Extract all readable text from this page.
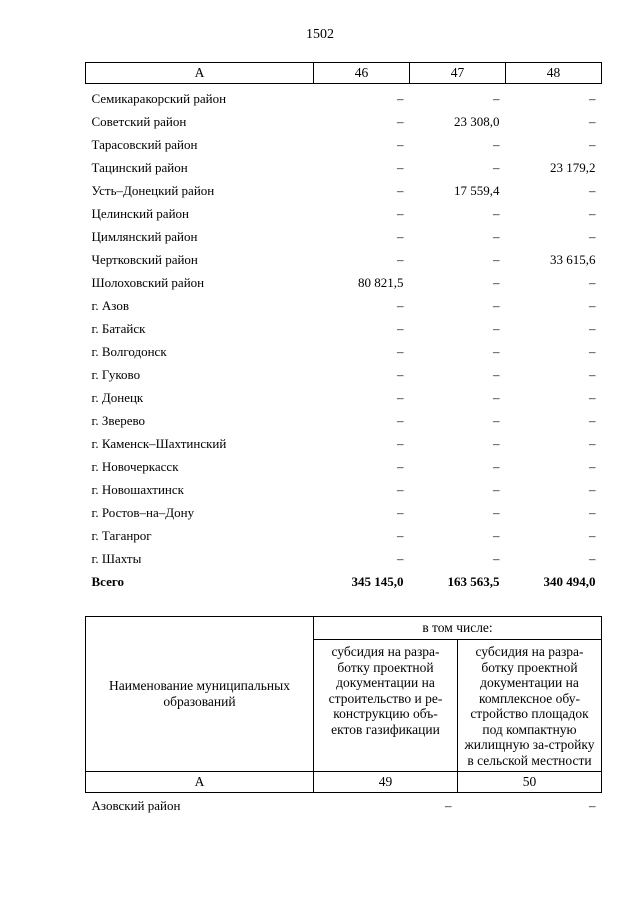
1502
А	46	47	48
Семикаракорский район	–	–	–
Советский район	–	23 308,0	–
Тарасовский район	–	–	–
Тацинский район	–	–	23 179,2
Усть–Донецкий район	–	17 559,4	–
Целинский район	–	–	–
Цимлянский район	–	–	–
Чертковский район	–	–	33 615,6
Шолоховский район	80 821,5	–	–
г. Азов	–	–	–
г. Батайск	–	–	–
г. Волгодонск	–	–	–
г. Гуково	–	–	–
г. Донецк	–	–	–
г. Зверево	–	–	–
г. Каменск–Шахтинский	–	–	–
г. Новочеркасск	–	–	–
г. Новошахтинск	–	–	–
г. Ростов–на–Дону	–	–	–
г. Таганрог	–	–	–
г. Шахты	–	–	–
Всего	345 145,0	163 563,5	340 494,0
Наименование муниципальных образований	в том числе:	
	субсидия на разра-ботку проектной документации на строительство и ре-конструкцию объ-ектов газификации	субсидия на разра-ботку проектной документации на комплексное обу-стройство площадок под компактную жилищную за-стройку в сельской местности
А	49	50
Азовский район	–	–
